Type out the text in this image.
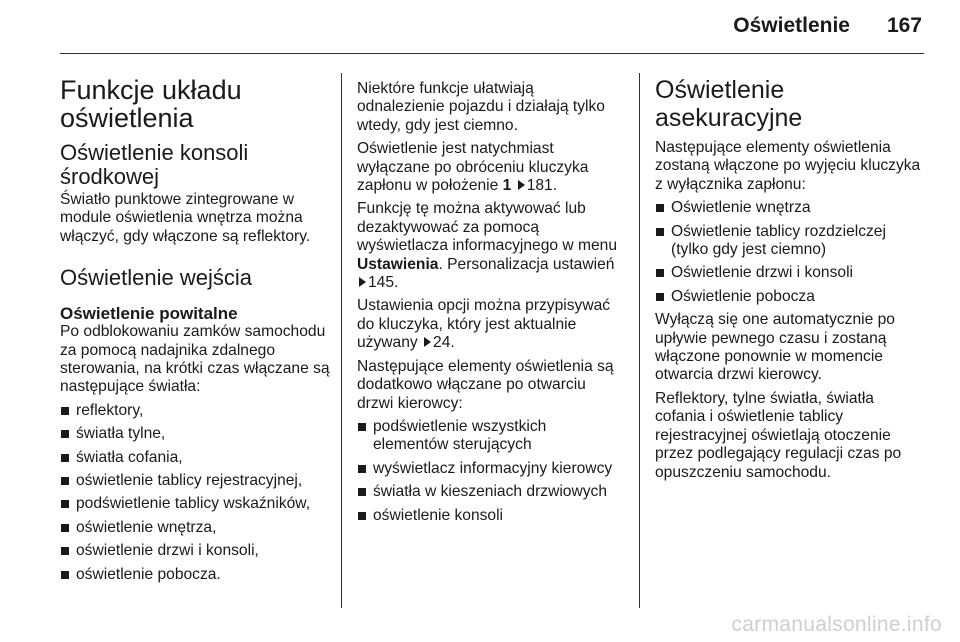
Oświetlenie	167
Funkcje układu oświetlenia
Oświetlenie konsoli środkowej

Światło punktowe zintegrowane w module oświetlenia wnętrza można włączyć, gdy włączone są reflektory.

Oświetlenie wejścia
Oświetlenie powitalne

Po odblokowaniu zamków samochodu za pomocą nadajnika zdalnego sterowania, na krótki czas włączane są następujące światła:

reflektory,
światła tylne,
światła cofania,
oświetlenie tablicy rejestracyjnej,
podświetlenie tablicy wskaźników,
oświetlenie wnętrza,
oświetlenie drzwi i konsoli,
oświetlenie pobocza.

Niektóre funkcje ułatwiają odnalezienie pojazdu i działają tylko wtedy, gdy jest ciemno.

Oświetlenie jest natychmiast wyłączane po obróceniu kluczyka zapłonu w położenie 1 181.

Funkcję tę można aktywować lub dezaktywować za pomocą wyświetlacza informacyjnego w menu Ustawienia. Personalizacja ustawień 145.

Ustawienia opcji można przypisywać do kluczyka, który jest aktualnie używany 24.

Następujące elementy oświetlenia są dodatkowo włączane po otwarciu drzwi kierowcy:

podświetlenie wszystkich elementów sterujących
wyświetlacz informacyjny kierowcy
światła w kieszeniach drzwiowych
oświetlenie konsoli
Oświetlenie asekuracyjne

Następujące elementy oświetlenia zostaną włączone po wyjęciu kluczyka z wyłącznika zapłonu:

Oświetlenie wnętrza
Oświetlenie tablicy rozdzielczej (tylko gdy jest ciemno)
Oświetlenie drzwi i konsoli
Oświetlenie pobocza

Wyłączą się one automatycznie po upływie pewnego czasu i zostaną włączone ponownie w momencie otwarcia drzwi kierowcy.

Reflektory, tylne światła, światła cofania i oświetlenie tablicy rejestracyjnej oświetlają otoczenie przez podlegający regulacji czas po opuszczeniu samochodu.

carmanualsonline.info
